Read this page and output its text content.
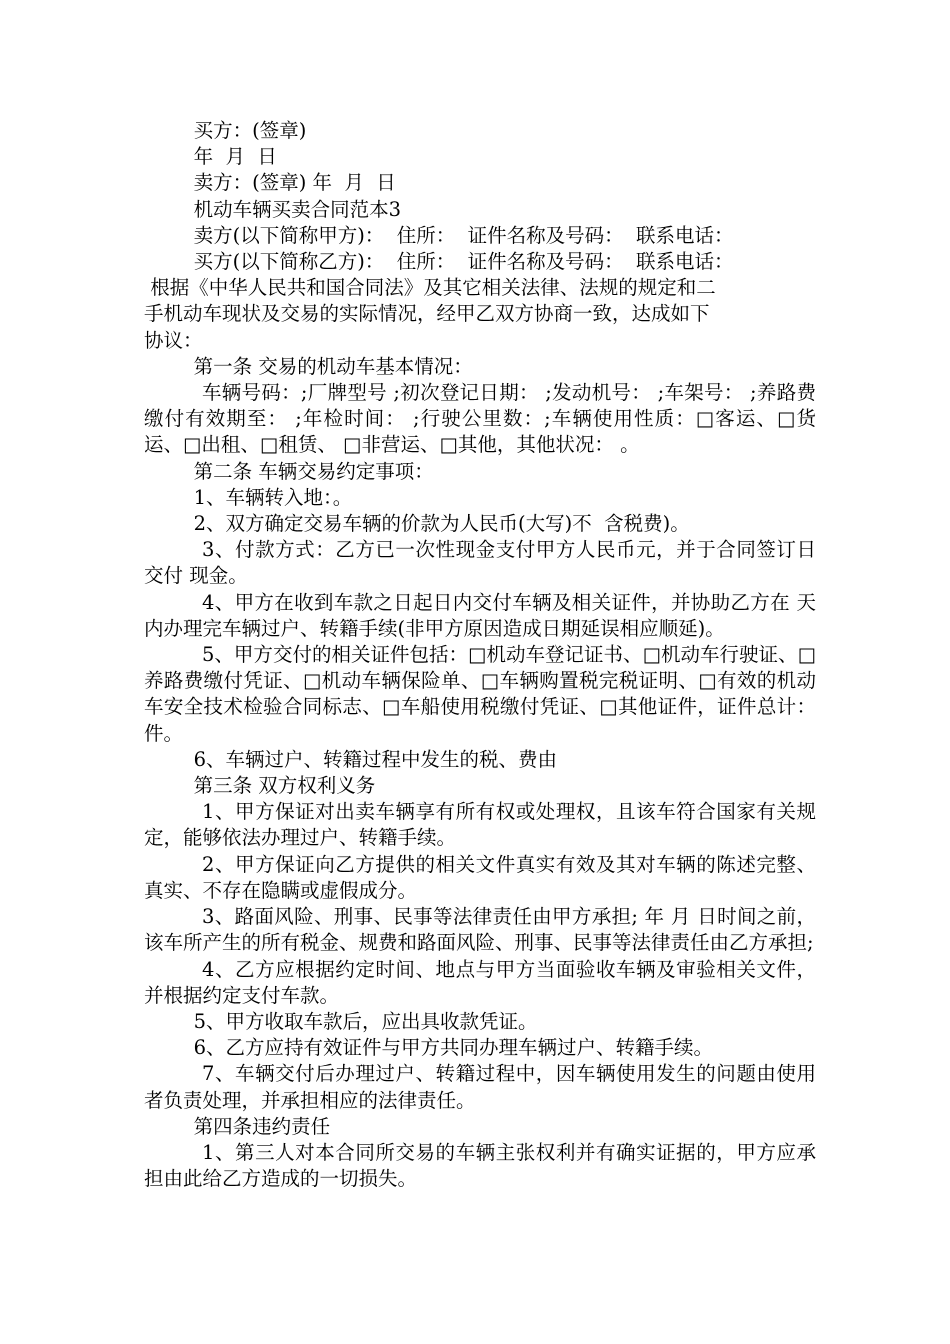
买方：(签章)
年  月  日
卖方：(签章) 年  月  日
机动车辆买卖合同范本3
卖方(以下简称甲方)：  住所：  证件名称及号码：  联系电话：
买方(以下简称乙方)：  住所：  证件名称及号码：  联系电话：
根据《中华人民共和国合同法》及其它相关法律、法规的规定和二
手机动车现状及交易的实际情况，经甲乙双方协商一致，达成如下
协议：
第一条 交易的机动车基本情况：
车辆号码：;厂牌型号 ;初次登记日期： ;发动机号： ;车架号： ;养路费缴付有效期至： ;年检时间： ;行驶公里数：;车辆使用性质：□客运、□货运、□出租、□租赁、 □非营运、□其他，其他状况： 。
第二条 车辆交易约定事项：
1、车辆转入地：。
2、双方确定交易车辆的价款为人民币(大写)不  含税费)。
3、付款方式：乙方已一次性现金支付甲方人民币元，并于合同签订日交付 现金。
4、甲方在收到车款之日起日内交付车辆及相关证件，并协助乙方在 天内办理完车辆过户、转籍手续(非甲方原因造成日期延误相应顺延)。
5、甲方交付的相关证件包括：□机动车登记证书、□机动车行驶证、□养路费缴付凭证、□机动车辆保险单、□车辆购置税完税证明、□有效的机动车安全技术检验合同标志、□车船使用税缴付凭证、□其他证件，证件总计： 件。
6、车辆过户、转籍过程中发生的税、费由
第三条 双方权利义务
1、甲方保证对出卖车辆享有所有权或处理权，且该车符合国家有关规定，能够依法办理过户、转籍手续。
2、甲方保证向乙方提供的相关文件真实有效及其对车辆的陈述完整、真实、不存在隐瞒或虚假成分。
3、路面风险、刑事、民事等法律责任由甲方承担; 年 月 日时间之前，该车所产生的所有税金、规费和路面风险、刑事、民事等法律责任由乙方承担;
4、乙方应根据约定时间、地点与甲方当面验收车辆及审验相关文件，并根据约定支付车款。
5、甲方收取车款后，应出具收款凭证。
6、乙方应持有效证件与甲方共同办理车辆过户、转籍手续。
7、车辆交付后办理过户、转籍过程中，因车辆使用发生的问题由使用者负责处理，并承担相应的法律责任。
第四条违约责任
1、第三人对本合同所交易的车辆主张权利并有确实证据的，甲方应承担由此给乙方造成的一切损失。
